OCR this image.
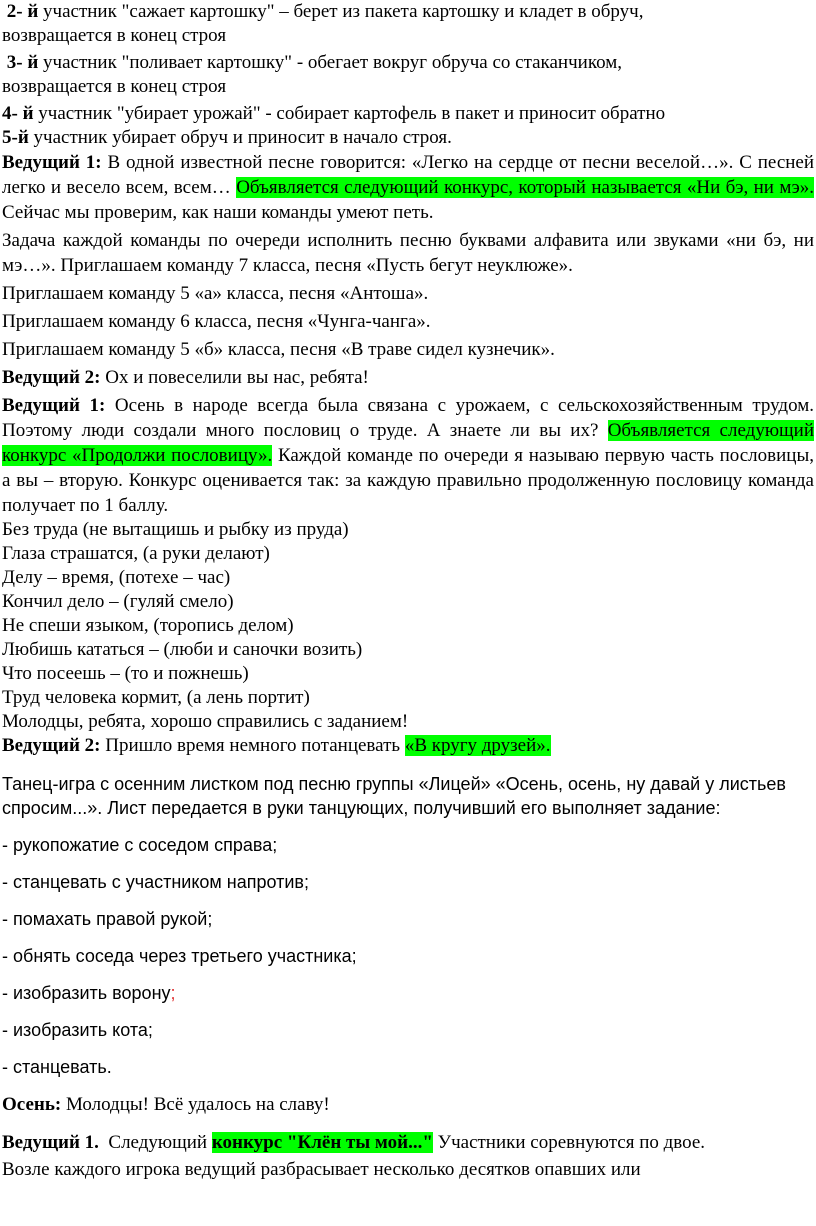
2- й участник "сажает картошку" – берет из пакета картошку и кладет в обруч,

возвращается в конец строя

3- й участник "поливает картошку" - обегает вокруг обруча со стаканчиком,

возвращается в конец строя

4- й участник "убирает урожай" - собирает картофель в пакет и приносит обратно

5-й участник убирает обруч и приносит в начало строя.

Ведущий 1: В одной известной песне говорится: «Легко на сердце от песни веселой…». С песней легко и весело всем, всем… Объявляется следующий конкурс, который называется «Ни бэ, ни мэ». Сейчас мы проверим, как наши команды умеют петь.

Задача каждой команды по очереди исполнить песню буквами алфавита или звуками «ни бэ, ни мэ…». Приглашаем команду 7 класса, песня «Пусть бегут неуклюже».

Приглашаем команду 5 «а» класса, песня «Антоша».

Приглашаем команду 6 класса, песня «Чунга-чанга».

Приглашаем команду 5 «б» класса, песня «В траве сидел кузнечик».

Ведущий 2: Ох и повеселили вы нас, ребята!

Ведущий 1: Осень в народе всегда была связана с урожаем, с сельскохозяйственным трудом. Поэтому люди создали много пословиц о труде. А знаете ли вы их? Объявляется следующий конкурс «Продолжи пословицу». Каждой команде по очереди я называю первую часть пословицы, а вы – вторую. Конкурс оценивается так: за каждую правильно продолженную пословицу команда получает по 1 баллу.

Без труда (не вытащишь и рыбку из пруда)

Глаза страшатся, (а руки делают)

Делу – время, (потехе – час)

Кончил дело – (гуляй смело)

Не спеши языком, (торопись делом)

Любишь кататься – (люби и саночки возить)

Что посеешь – (то и пожнешь)

Труд человека кормит, (а лень портит)

Молодцы, ребята, хорошо справились с заданием!

Ведущий 2: Пришло время немного потанцевать «В кругу друзей».

Танец-игра с осенним листком под песню группы «Лицей» «Осень, осень, ну давай у листьев спросим...». Лист передается в руки танцующих, получивший его выполняет задание:

- рукопожатие с соседом справа;

- станцевать с участником напротив;

- помахать правой рукой;

- обнять соседа через третьего участника;

- изобразить ворону;

- изобразить кота;

- станцевать.

Осень: Молодцы! Всё удалось на славу!

Ведущий 1. Следующий конкурс "Клён ты мой..." Участники соревнуются по двое.

Возле каждого игрока ведущий разбрасывает несколько десятков опавших или
